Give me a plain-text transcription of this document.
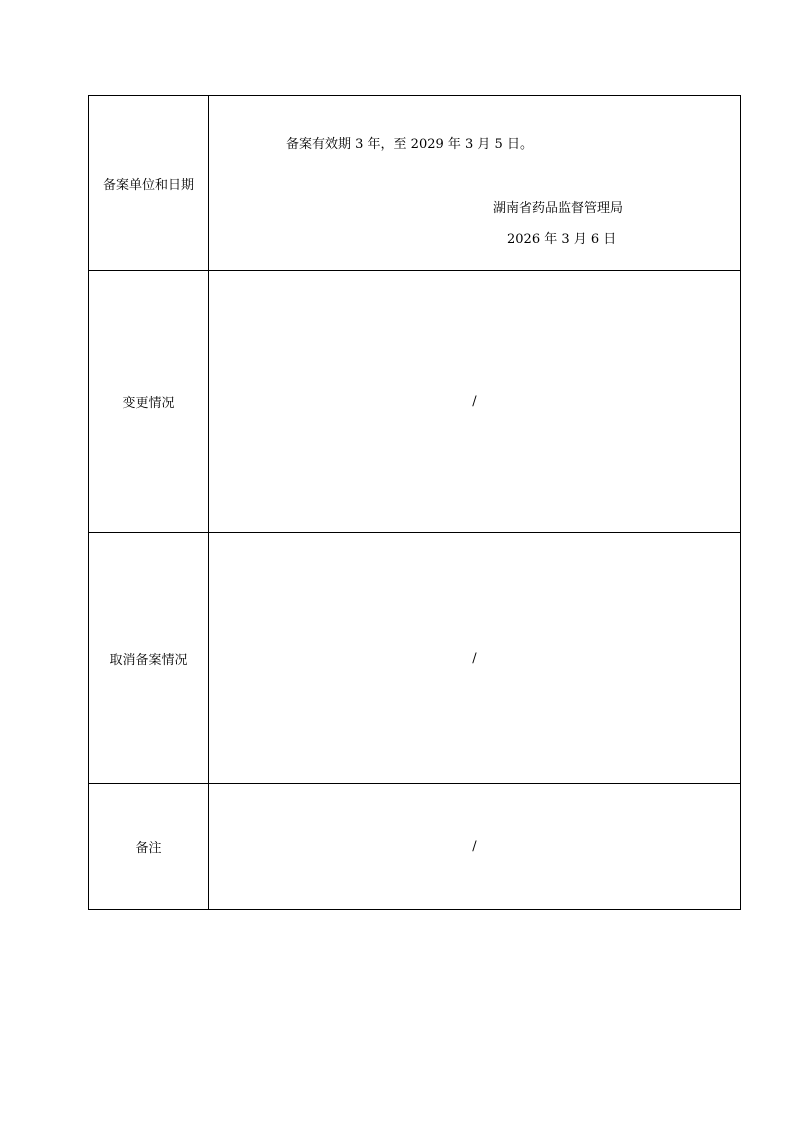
备案单位和日期	备案有效期 3 年，至 2029 年 3 月 5 日。
湖南省药品监督管理局
2026 年 3 月 6 日

变更情况	/
取消备案情况	/
备注	/
